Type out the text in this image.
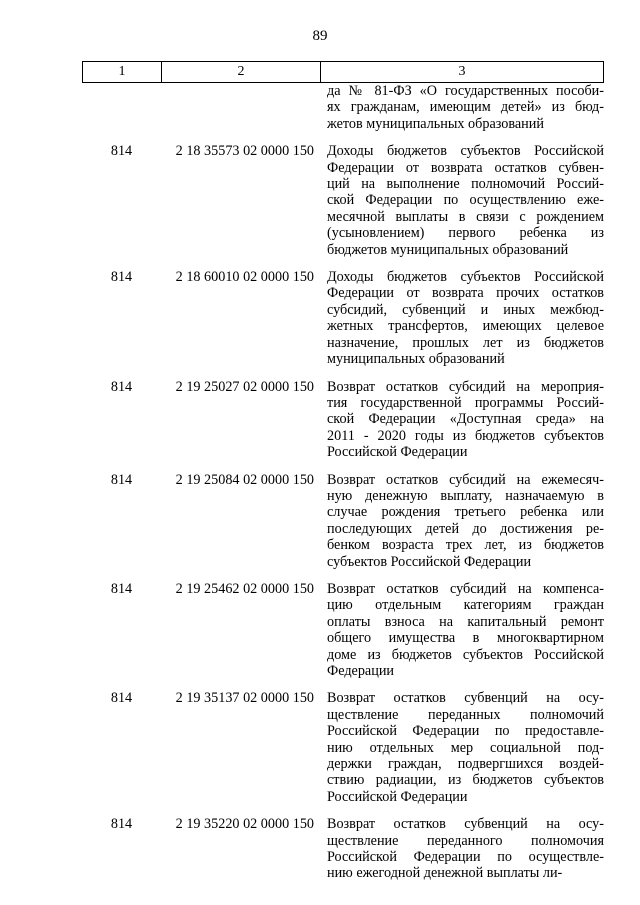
89
1	2	3
да № 81-ФЗ «О государственных пособи-
ях гражданам, имеющим детей» из бюд-
жетов муниципальных образований
814	2 18 35573 02 0000 150 Доходы бюджетов субъектов Российской
Федерации от возврата остатков субвен-
ций на выполнение полномочий Россий-
ской Федерации по осуществлению еже-
месячной выплаты в связи с рождением
(усыновлением) первого ребенка из
бюджетов муниципальных образований
814	2 18 60010 02 0000 150 Доходы бюджетов субъектов Российской
Федерации от возврата прочих остатков
субсидий, субвенций и иных межбюд-
жетных трансфертов, имеющих целевое
назначение, прошлых лет из бюджетов
муниципальных образований
814	2 19 25027 02 0000 150 Возврат остатков субсидий на мероприя-
тия государственной программы Россий-
ской Федерации «Доступная среда» на
2011 - 2020 годы из бюджетов субъектов
Российской Федерации
814	2 19 25084 02 0000 150 Возврат остатков субсидий на ежемесяч-
ную денежную выплату, назначаемую в
случае рождения третьего ребенка или
последующих детей до достижения ре-
бенком возраста трех лет, из бюджетов
субъектов Российской Федерации
814	2 19 25462 02 0000 150 Возврат остатков субсидий на компенса-
цию отдельным категориям граждан
оплаты взноса на капитальный ремонт
общего имущества в многоквартирном
доме из бюджетов субъектов Российской
Федерации
814	2 19 35137 02 0000 150 Возврат остатков субвенций на осу-
ществление переданных полномочий
Российской Федерации по предоставле-
нию отдельных мер социальной под-
держки граждан, подвергшихся воздей-
ствию радиации, из бюджетов субъектов
Российской Федерации
814	2 19 35220 02 0000 150 Возврат остатков субвенций на осу-
ществление переданного полномочия
Российской Федерации по осуществле-
нию ежегодной денежной выплаты ли-
